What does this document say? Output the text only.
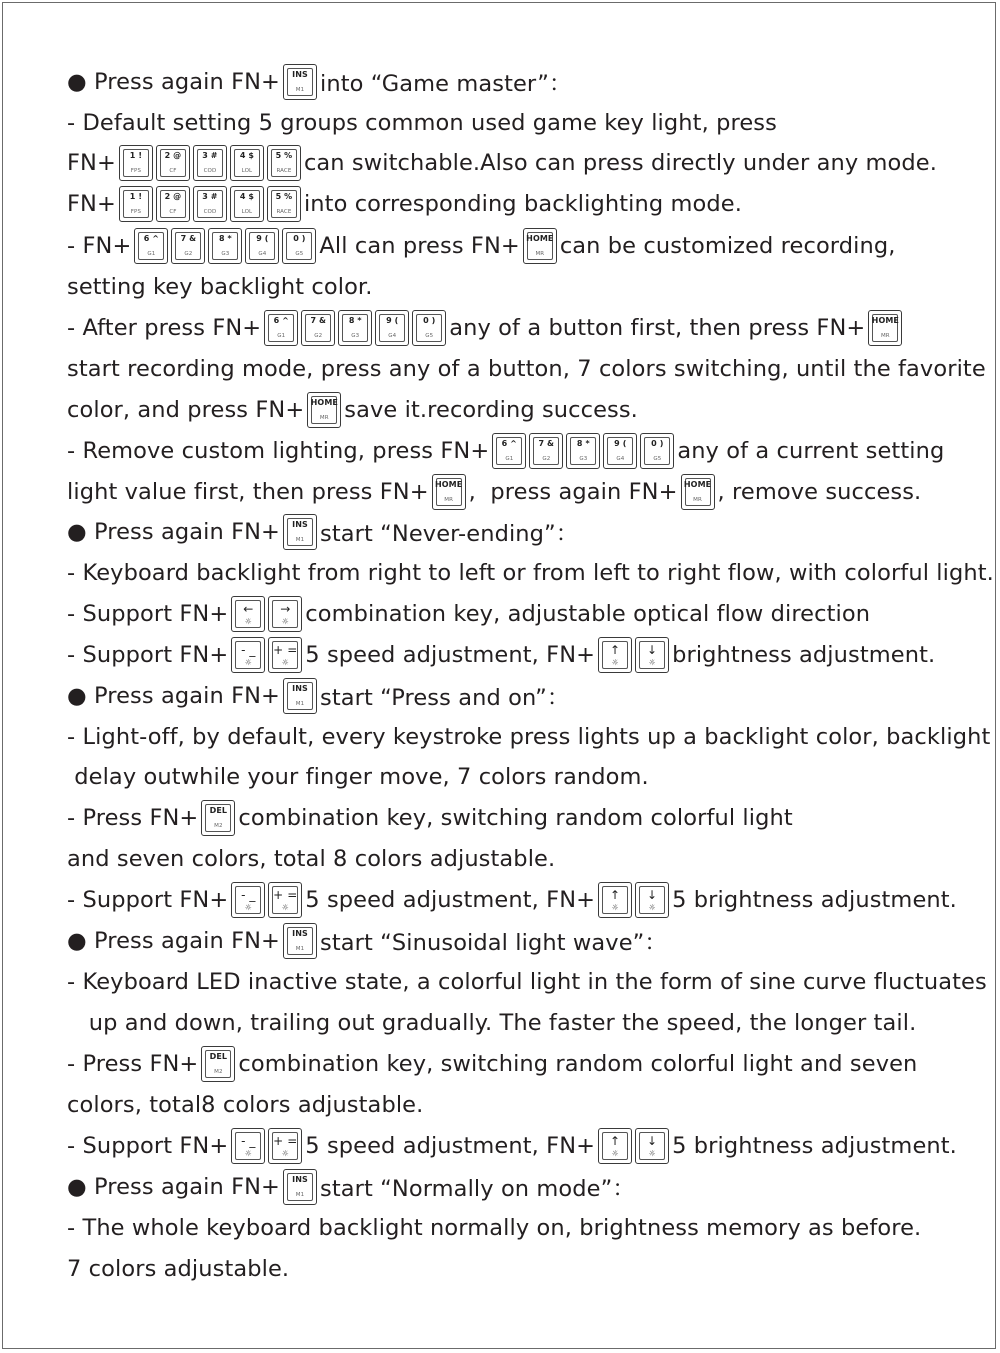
● Press again FN+	INS
M1 into “Game master”：
- Default setting 5 groups common used game key light, press
FN+	1 !
FPS
2 @
CF
3 #
COD
4 $
LOL
5 %
RACE can switchable.Also can press directly under any mode.
FN+	1 !
FPS
2 @
CF
3 #
COD
4 $
LOL
5 %
RACE into corresponding backlighting mode.
- FN+	6 ^
G1
7 &
G2
8 *
G3
9 (
G4
0 )
G5 All can press FN+ HOME
MR can be customized recording,
setting key backlight color.
- After press FN+	6 ^
G1
7 &
G2
8 *
G3
9 (
G4
0 )
G5 any of a button first, then press FN+ HOME
MR
start recording mode, press any of a button, 7 colors switching, until the favorite
color, and press FN+ HOME
MR save it.recording success.
- Remove custom lighting, press FN+	6 ^
G1
7 &
G2
8 *
G3
9 (
G4
0 )
G5 any of a current setting
light value first, then press FN+ HOME
MR ,  press again FN+ HOME
MR , remove success.
● Press again FN+	INS
M1 start “Never-ending”：
- Keyboard backlight from right to left or from left to right flow, with colorful light.
- Support FN+	←
☼
→
☼ combination key, adjustable optical flow direction
- Support FN+	- _
☼
+ =
☼ 5 speed adjustment, FN+	↑
☼
↓
☼ brightness adjustment.
● Press again FN+	INS
M1 start “Press and on”：
- Light-off, by default, every keystroke press lights up a backlight color, backlight
delay outwhile your finger move, 7 colors random.
- Press FN+	DEL
M2 combination key, switching random colorful light
and seven colors, total 8 colors adjustable.
- Support FN+	- _
☼
+ =
☼ 5 speed adjustment, FN+	↑
☼
↓
☼ 5 brightness adjustment.
● Press again FN+	INS
M1 start “Sinusoidal light wave”：
- Keyboard LED inactive state, a colorful light in the form of sine curve fluctuates
up and down, trailing out gradually. The faster the speed, the longer tail.
- Press FN+	DEL
M2 combination key, switching random colorful light and seven
colors, total8 colors adjustable.
- Support FN+	- _
☼
+ =
☼ 5 speed adjustment, FN+	↑
☼
↓
☼ 5 brightness adjustment.
● Press again FN+	INS
M1 start “Normally on mode”：
- The whole keyboard backlight normally on, brightness memory as before.
7 colors adjustable.
